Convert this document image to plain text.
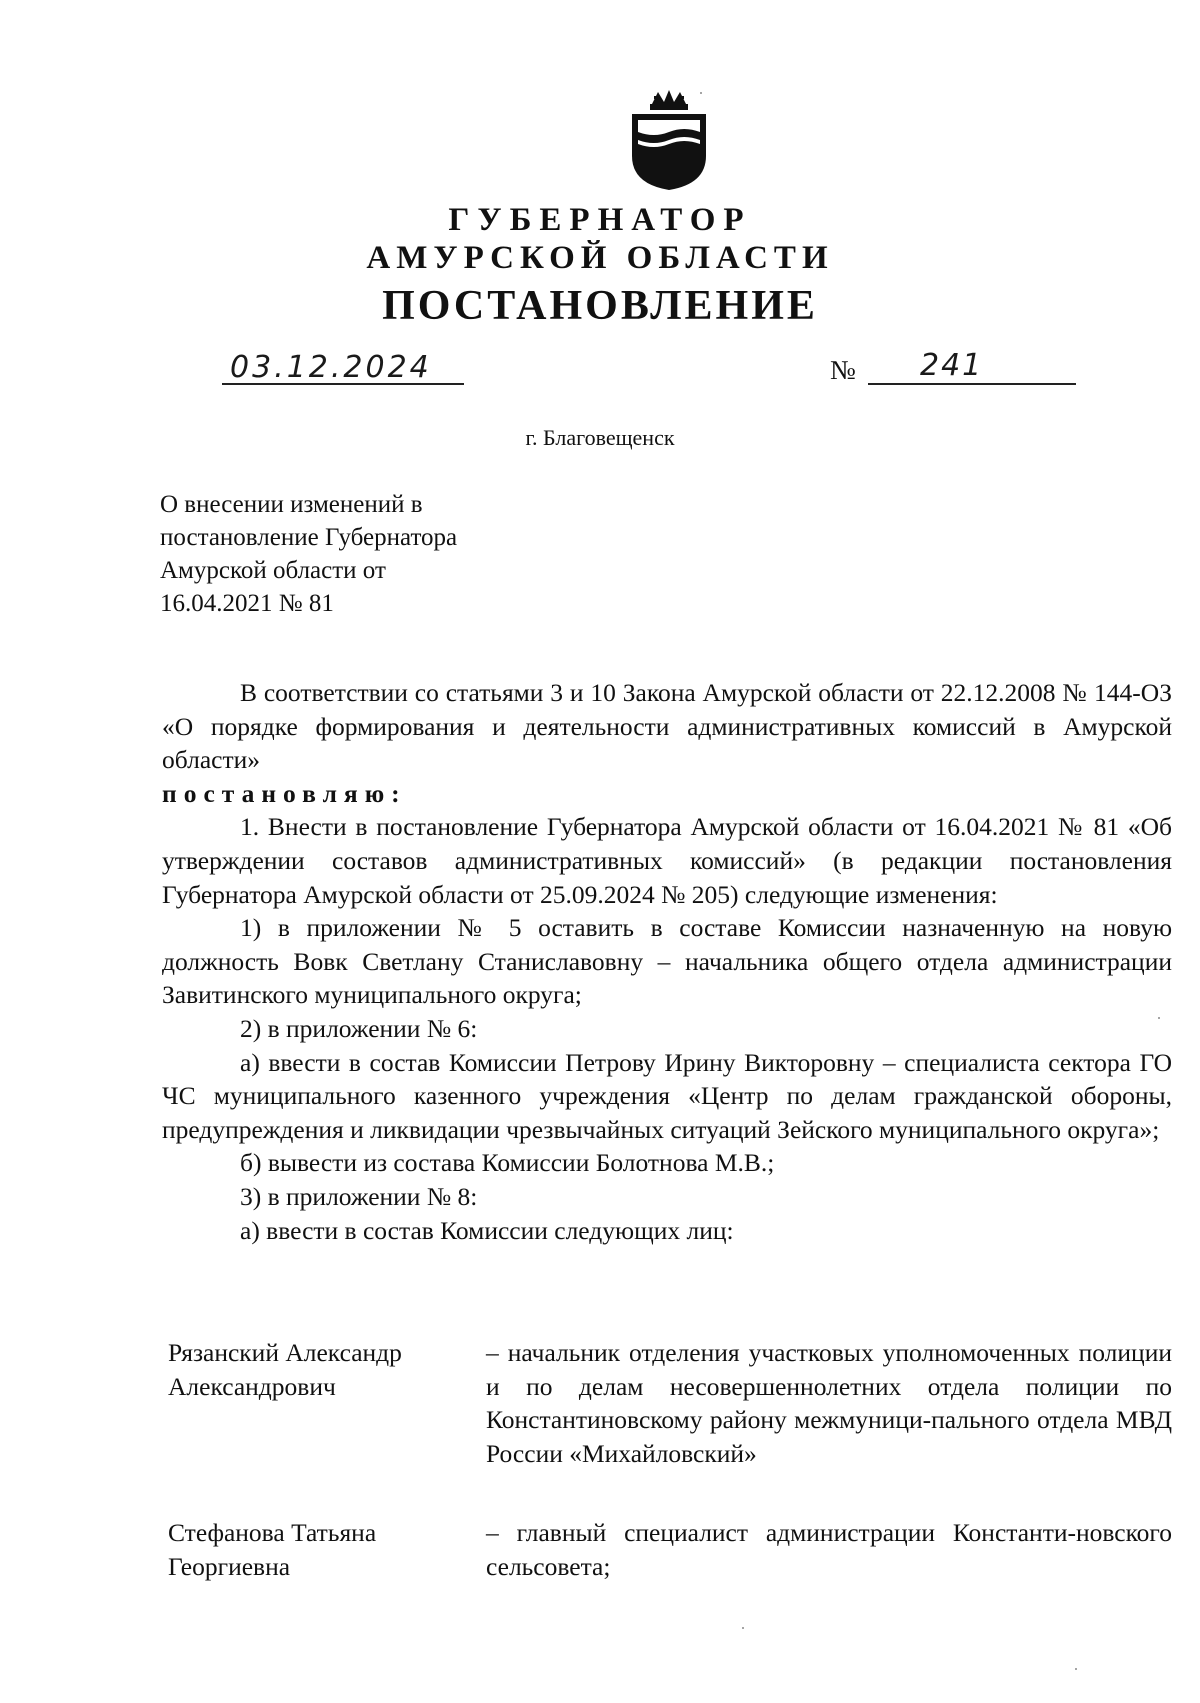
ГУБЕРНАТОР
АМУРСКОЙ ОБЛАСТИ
ПОСТАНОВЛЕНИЕ
03.12.2024	№ 241
г. Благовещенск
О внесении изменений в
постановление Губернатора
Амурской области от
16.04.2021 № 81
В соответствии со статьями 3 и 10 Закона Амурской области от 22.12.2008 № 144-ОЗ «О порядке формирования и деятельности административных комиссий в Амурской области»
постановляю:
1. Внести в постановление Губернатора Амурской области от 16.04.2021 № 81 «Об утверждении составов административных комиссий» (в редакции постановления Губернатора Амурской области от 25.09.2024 № 205) следующие изменения:
1) в приложении № 5 оставить в составе Комиссии назначенную на новую должность Вовк Светлану Станиславовну – начальника общего отдела администрации Завитинского муниципального округа;
2) в приложении № 6:
а) ввести в состав Комиссии Петрову Ирину Викторовну – специалиста сектора ГО ЧС муниципального казенного учреждения «Центр по делам гражданской обороны, предупреждения и ликвидации чрезвычайных ситуаций Зейского муниципального округа»;
б) вывести из состава Комиссии Болотнова М.В.;
3) в приложении № 8:
а) ввести в состав Комиссии следующих лиц:
Рязанский Александр
Александрович
– начальник отделения участковых уполномоченных полиции и по делам несовершеннолетних отдела полиции по Константиновскому району межмуници-пального отдела МВД России «Михайловский»
Стефанова Татьяна
Георгиевна
– главный специалист администрации Константи-новского сельсовета;
